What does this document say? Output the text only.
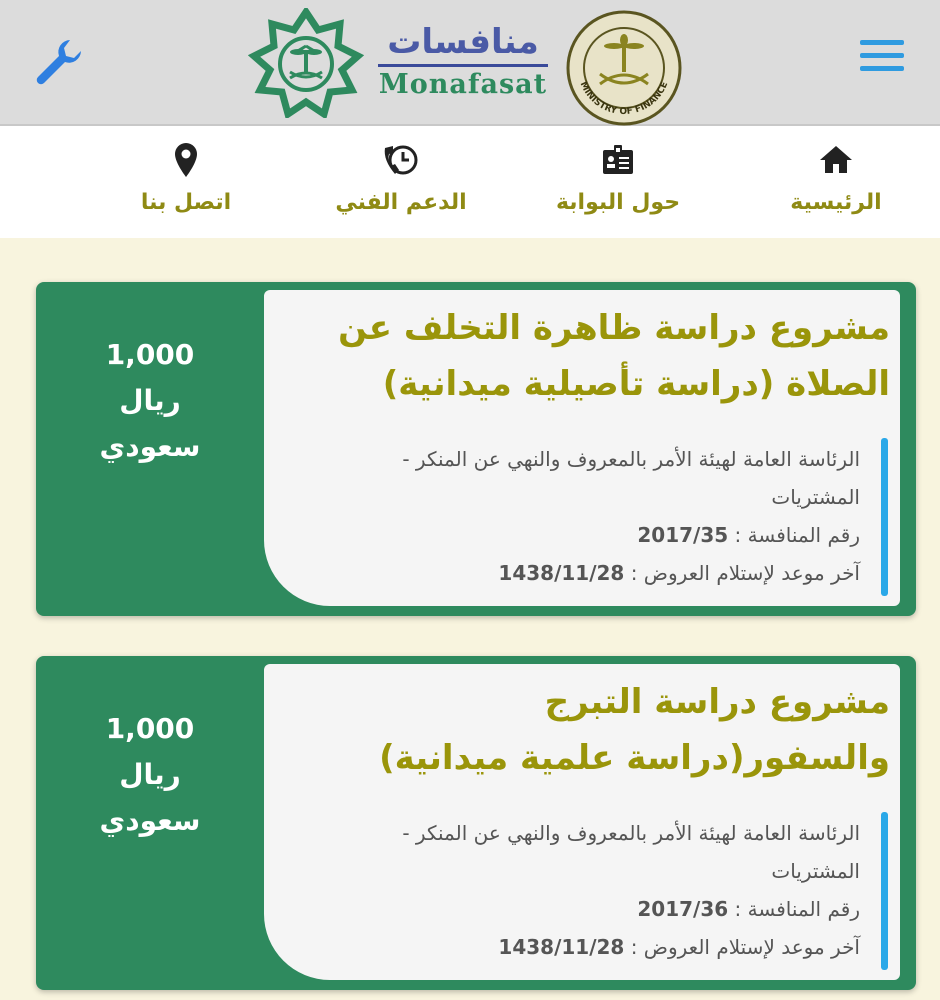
منافسات
Monafasat	MINISTRY OF FINANCE
الرئيسية
حول البوابة
الدعم الفني
اتصل بنا
1,000
ريال
سعودي
مشروع دراسة ظاهرة التخلف عن الصلاة (دراسة تأصيلية ميدانية)
الرئاسة العامة لهيئة الأمر بالمعروف والنهي عن المنكر -
المشتريات
رقم المنافسة : 2017/35
آخر موعد لإستلام العروض : 1438/11/28
1,000
ريال
سعودي
مشروع دراسة التبرج والسفور(دراسة علمية ميدانية)
الرئاسة العامة لهيئة الأمر بالمعروف والنهي عن المنكر -
المشتريات
رقم المنافسة : 2017/36
آخر موعد لإستلام العروض : 1438/11/28
